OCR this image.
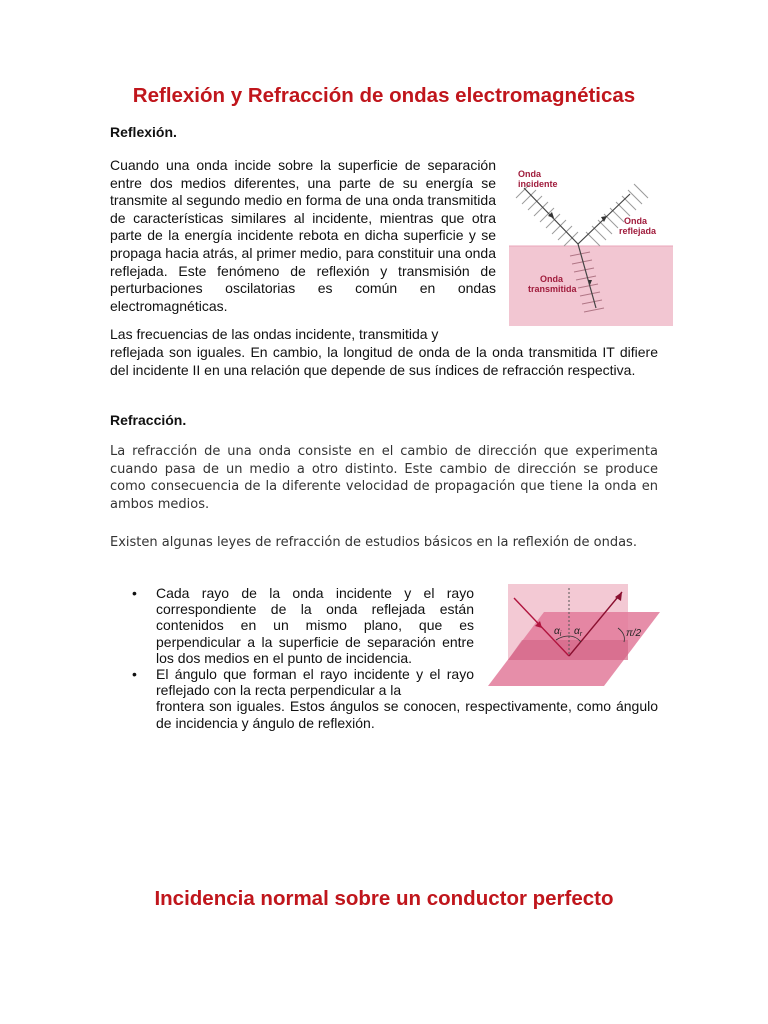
Reflexión y Refracción de ondas electromagnéticas
Reflexión.

Cuando una onda incide sobre la superficie de separación entre dos medios diferentes, una parte de su energía se transmite al segundo medio en forma de una onda transmitida de características similares al incidente, mientras que otra parte de la energía incidente rebota en dicha superficie y se propaga hacia atrás, al primer medio, para constituir una onda reflejada. Este fenómeno de reflexión y transmisión de perturbaciones oscilatorias es común en ondas electromagnéticas.

Onda
incidente
Onda
reflejada
Onda
transmitida

Las frecuencias de las ondas incidente, transmitida y

reflejada son iguales. En cambio, la longitud de onda de la onda transmitida IT difiere del incidente II en una relación que depende de sus índices de refracción respectiva.

Refracción.

La refracción de una onda consiste en el cambio de dirección que experimenta cuando pasa de un medio a otro distinto. Este cambio de dirección se produce como consecuencia de la diferente velocidad de propagación que tiene la onda en ambos medios.

Existen algunas leyes de refracción de estudios básicos en la reflexión de ondas.

• Cada rayo de la onda incidente y el rayo correspondiente de la onda reflejada están contenidos en un mismo plano, que es perpendicular a la superficie de separación entre los dos medios en el punto de incidencia.
• El ángulo que forman el rayo incidente y el rayo reflejado con la recta perpendicular a la
frontera son iguales. Estos ángulos se conocen, respectivamente, como ángulo de incidencia y ángulo de reflexión.
$\alpha_i$ $\alpha_r$	π/2
Incidencia normal sobre un conductor perfecto
